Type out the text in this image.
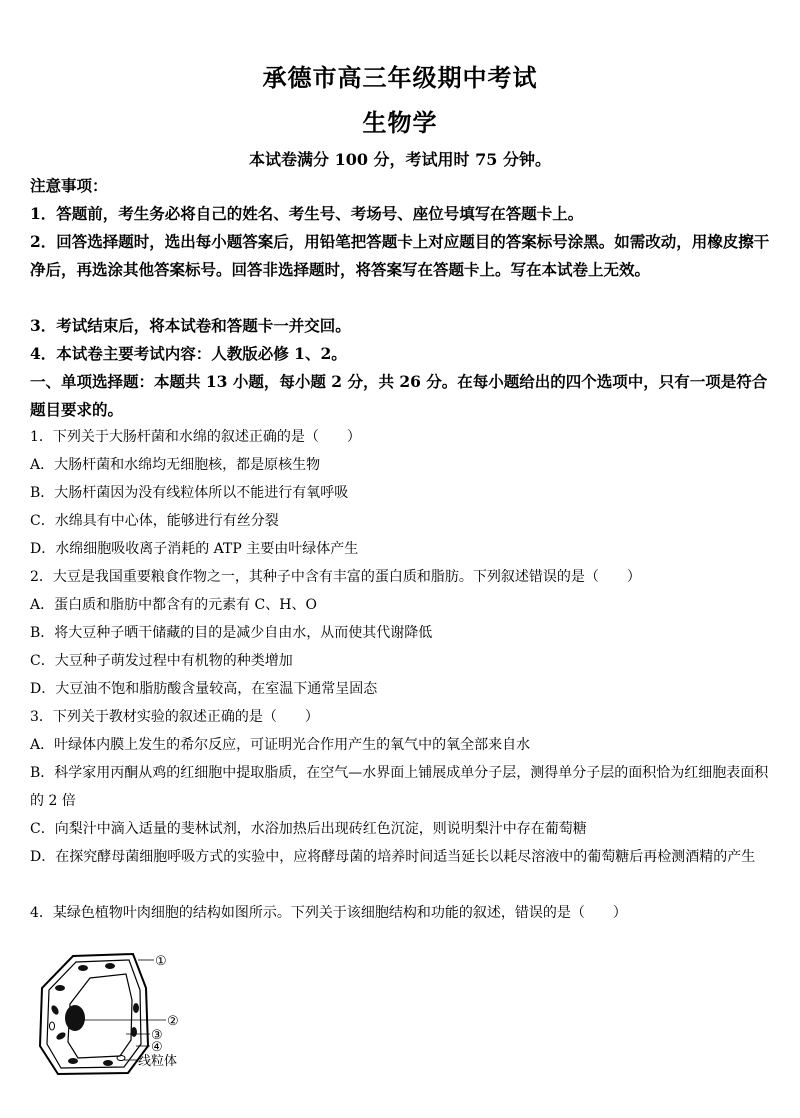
承德市高三年级期中考试
生物学
本试卷满分 100 分，考试用时 75 分钟。
注意事项：
1．答题前，考生务必将自己的姓名、考生号、考场号、座位号填写在答题卡上。
2．回答选择题时，选出每小题答案后，用铅笔把答题卡上对应题目的答案标号涂黑。如需改动，用橡皮擦干净后，再选涂其他答案标号。回答非选择题时，将答案写在答题卡上。写在本试卷上无效。
3．考试结束后，将本试卷和答题卡一并交回。
4．本试卷主要考试内容：人教版必修 1、2。
一、单项选择题：本题共 13 小题，每小题 2 分，共 26 分。在每小题给出的四个选项中，只有一项是符合题目要求的。
1．下列关于大肠杆菌和水绵的叙述正确的是（　　）
A．大肠杆菌和水绵均无细胞核，都是原核生物
B．大肠杆菌因为没有线粒体所以不能进行有氧呼吸
C．水绵具有中心体，能够进行有丝分裂
D．水绵细胞吸收离子消耗的 ATP 主要由叶绿体产生
2．大豆是我国重要粮食作物之一，其种子中含有丰富的蛋白质和脂肪。下列叙述错误的是（　　）
A．蛋白质和脂肪中都含有的元素有 C、H、O
B．将大豆种子晒干储藏的目的是减少自由水，从而使其代谢降低
C．大豆种子萌发过程中有机物的种类增加
D．大豆油不饱和脂肪酸含量较高，在室温下通常呈固态
3．下列关于教材实验的叙述正确的是（　　）
A．叶绿体内膜上发生的希尔反应，可证明光合作用产生的氧气中的氧全部来自水
B．科学家用丙酮从鸡的红细胞中提取脂质，在空气—水界面上铺展成单分子层，测得单分子层的面积恰为红细胞表面积的 2 倍
C．向梨汁中滴入适量的斐林试剂，水浴加热后出现砖红色沉淀，则说明梨汁中存在葡萄糖
D．在探究酵母菌细胞呼吸方式的实验中，应将酵母菌的培养时间适当延长以耗尽溶液中的葡萄糖后再检测酒精的产生
4．某绿色植物叶肉细胞的结构如图所示。下列关于该细胞结构和功能的叙述，错误的是（　　）
①
②
③
④
线粒体
